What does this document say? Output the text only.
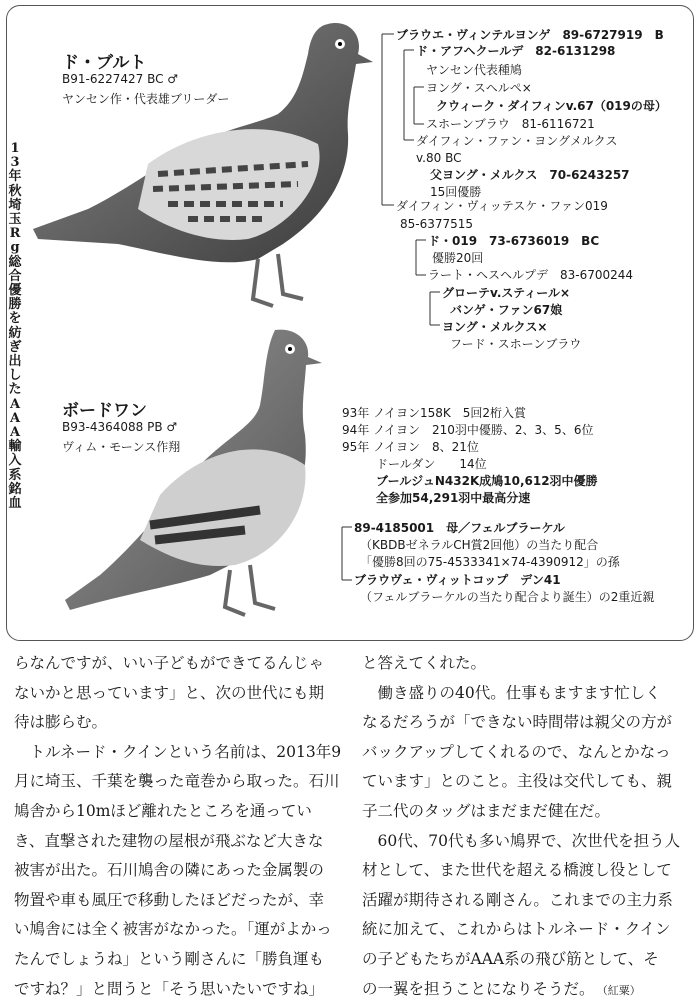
13年秋埼玉Rg総合優勝を紡ぎ出したAAA輸入系銘血
ド・ブルト
B91-6227427 BC ♂
ヤンセン作・代表雄ブリーダー
ボードワン
B93-4364088 PB ♂
ヴィム・モーンス作翔
ブラウエ・ヴィンテルヨンゲ　89-6727919　B
ド・アフヘクールデ　82-6131298
ヤンセン代表種鳩
ヨング・スヘルペ×
クウィーク・ダイフィンv.67（019の母）
スホーンブラウ　81-6116721
ダイフィン・ファン・ヨングメルクス
v.80 BC
父ヨング・メルクス　70-6243257
15回優勝
ダイフィン・ヴィッテスケ・ファン019
85-6377515
ド・019　73-6736019　BC
優勝20回
ラート・ヘスヘルプデ　83-6700244
グローテv.スティール×
バンゲ・ファン67娘
ヨング・メルクス×
フード・スホーンブラウ
93年 ノイヨン158K　5回2桁入賞
94年 ノイヨン　210羽中優勝、2、3、5、6位
95年 ノイヨン　8、21位
ドールダン　　14位
ブールジュN432K成鳩10,612羽中優勝
全参加54,291羽中最高分速
89-4185001　母／フェルブラーケル
（KBDBゼネラルCH賞2回他）の当たり配合
「優勝8回の75-4533341×74-4390912」の孫
ブラウヴェ・ヴィットコップ　デン41
（フェルブラーケルの当たり配合より誕生）の2重近親

らなんですが、いい子どもができてるんじゃ

ないかと思っています」と、次の世代にも期

待は膨らむ。

　トルネード・クインという名前は、2013年9

月に埼玉、千葉を襲った竜巻から取った。石川

鳩舎から10mほど離れたところを通ってい

き、直撃された建物の屋根が飛ぶなど大きな

被害が出た。石川鳩舎の隣にあった金属製の

物置や車も風圧で移動したほどだったが、幸

い鳩舎には全く被害がなかった。「運がよかっ

たんでしょうね」という剛さんに「勝負運も

ですね？」と問うと「そう思いたいですね」

と答えてくれた。

　働き盛りの40代。仕事もますます忙しく

なるだろうが「できない時間帯は親父の方が

バックアップしてくれるので、なんとかなっ

ています」とのこと。主役は交代しても、親

子二代のタッグはまだまだ健在だ。

　60代、70代も多い鳩界で、次世代を担う人

材として、また世代を超える橋渡し役として

活躍が期待される剛さん。これまでの主力系

統に加えて、これからはトルネード・クイン

の子どもたちがAAA系の飛び筋として、そ

の一翼を担うことになりそうだ。　 （紅粟）
